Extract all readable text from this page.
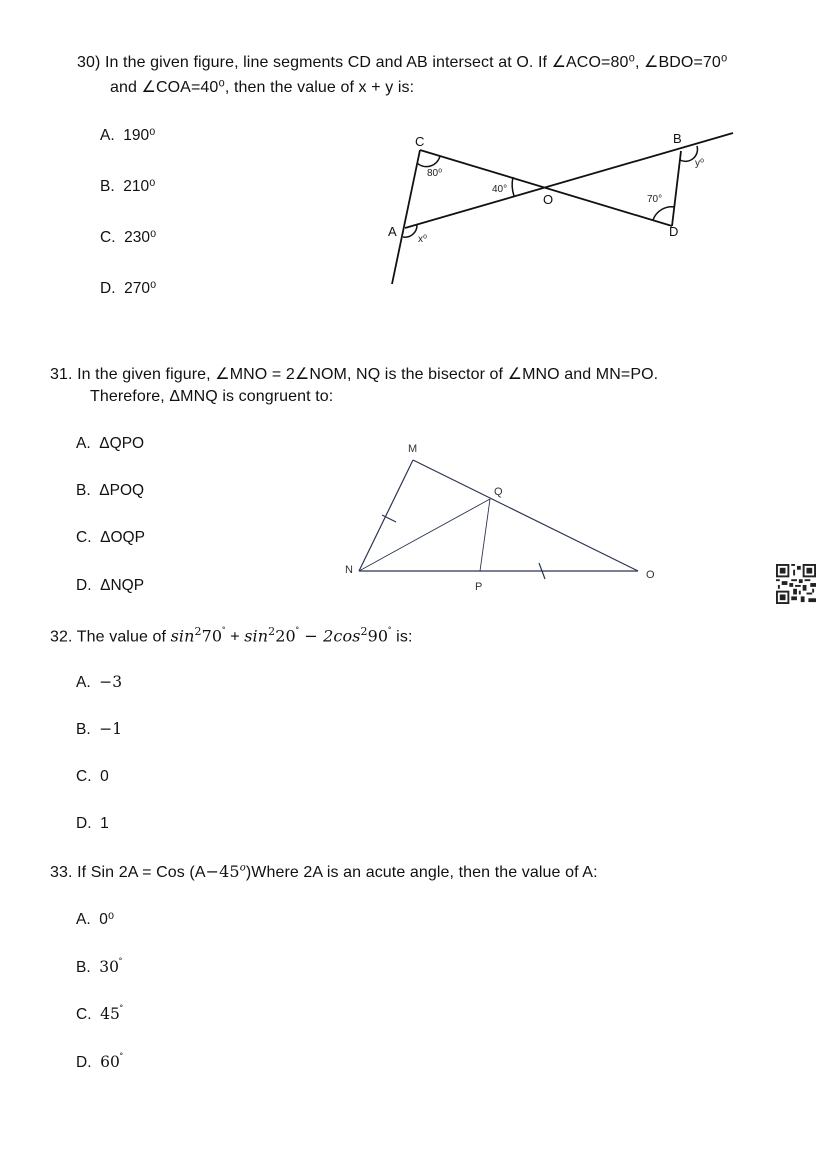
30) In the given figure, line segments CD and AB intersect at O. If ∠ACO=80⁰, ∠BDO=70⁰
and ∠COA=40⁰, then the value of x + y is:
A. 190⁰
B. 210⁰
C. 230⁰
D. 270⁰
C
A
O
B
D
80⁰
40°
70°
x⁰
y⁰
31. In the given figure, ∠MNO = 2∠NOM, NQ is the bisector of ∠MNO and MN=PO.
Therefore, ΔMNQ is congruent to:
A. ΔQPO
B. ΔPOQ
C. ΔOQP
D. ΔNQP
M
N	O
P
Q
32. The value of $\sin^270^˚ + \sin^220^˚ - 2\cos^290^˚$ is:
A. −3
B. −1
C. 0
D. 1
33. If Sin 2A = Cos $(A-45^o)Where$ 2A is an acute angle, then the value of A:
A. 0⁰
B. 30˚
C. 45˚
D. 60˚
